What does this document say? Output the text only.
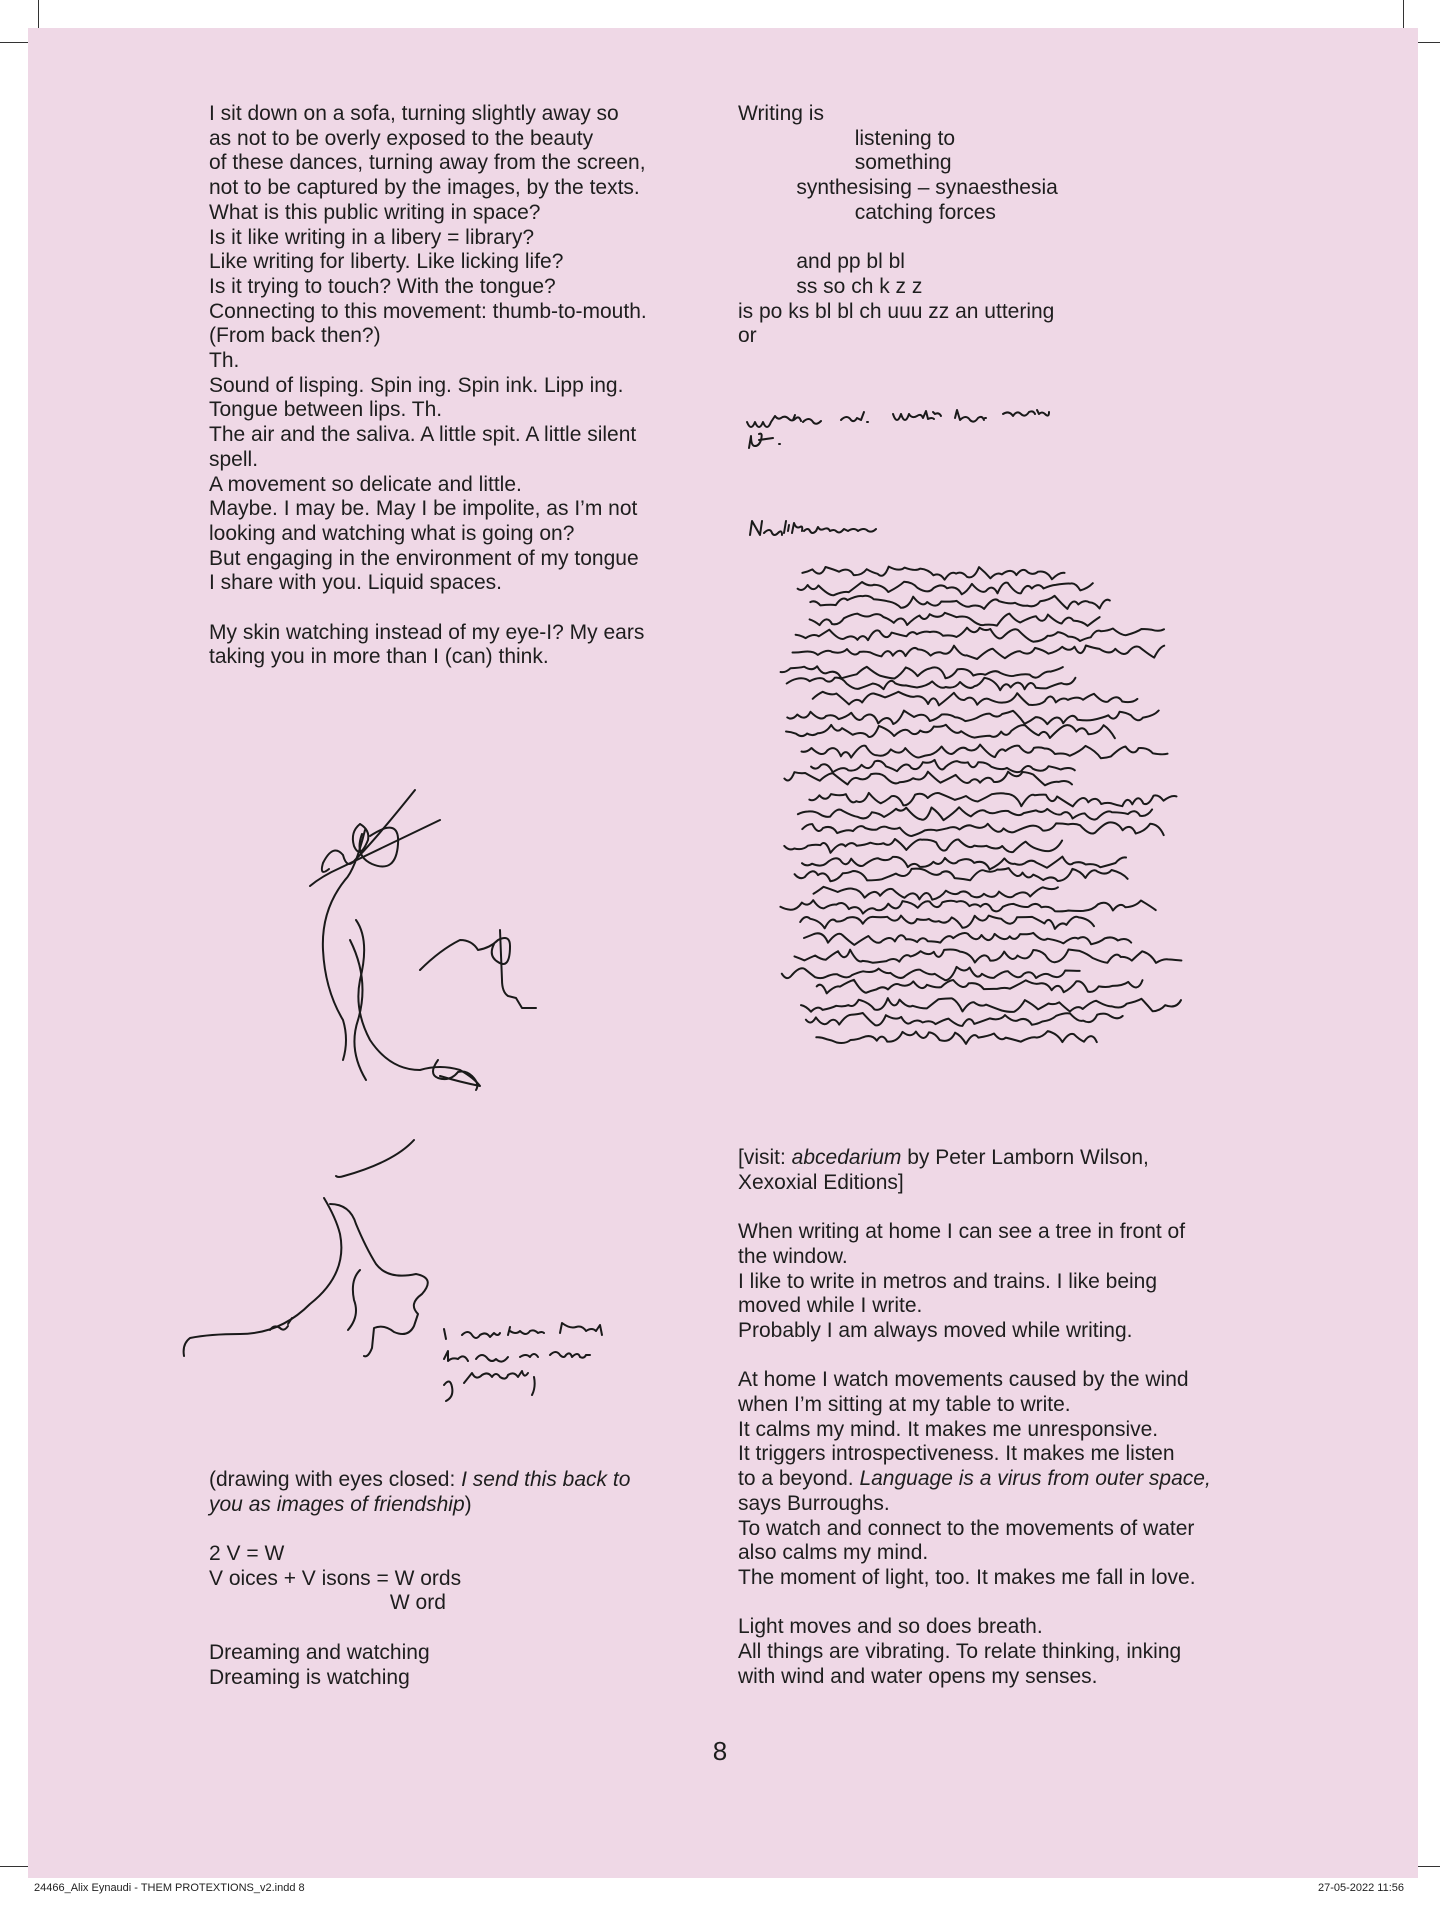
I sit down on a sofa, turning slightly away so

as not to be overly exposed to the beauty

of these dances, turning away from the screen,

not to be captured by the images, by the texts.

What is this public writing in space?

Is it like writing in a libery = library?

Like writing for liberty. Like licking life?

Is it trying to touch? With the tongue?

Connecting to this movement: thumb-to-mouth.

(From back then?)

Th.

Sound of lisping. Spin ing. Spin ink. Lipp ing.

Tongue between lips. Th.

The air and the saliva. A little spit. A little silent

spell.

A movement so delicate and little.

Maybe. I may be. May I be impolite, as I’m not

looking and watching what is going on?

But engaging in the environment of my tongue

I share with you. Liquid spaces.

My skin watching instead of my eye-I? My ears

taking you in more than I (can) think.

Writing is

listening to

something

synthesising – synaesthesia

catching forces

and pp bl bl

ss so ch k z z

is po ks bl bl ch uuu zz an uttering

or

(drawing with eyes closed: I send this back to

you as images of friendship)

2 V = W

V oices + V isons = W ords

W ord

Dreaming and watching

Dreaming is watching

[visit: abcedarium by Peter Lamborn Wilson,

Xexoxial Editions]

When writing at home I can see a tree in front of

the window.

I like to write in metros and trains. I like being

moved while I write.

Probably I am always moved while writing.

At home I watch movements caused by the wind

when I’m sitting at my table to write.

It calms my mind. It makes me unresponsive.

It triggers introspectiveness. It makes me listen

to a beyond. Language is a virus from outer space,

says Burroughs.

To watch and connect to the movements of water

also calms my mind.

The moment of light, too. It makes me fall in love.

Light moves and so does breath.

All things are vibrating. To relate thinking, inking

with wind and water opens my senses.

8
24466_Alix Eynaudi - THEM PROTEXTIONS_v2.indd 8	27-05-2022 11:56
